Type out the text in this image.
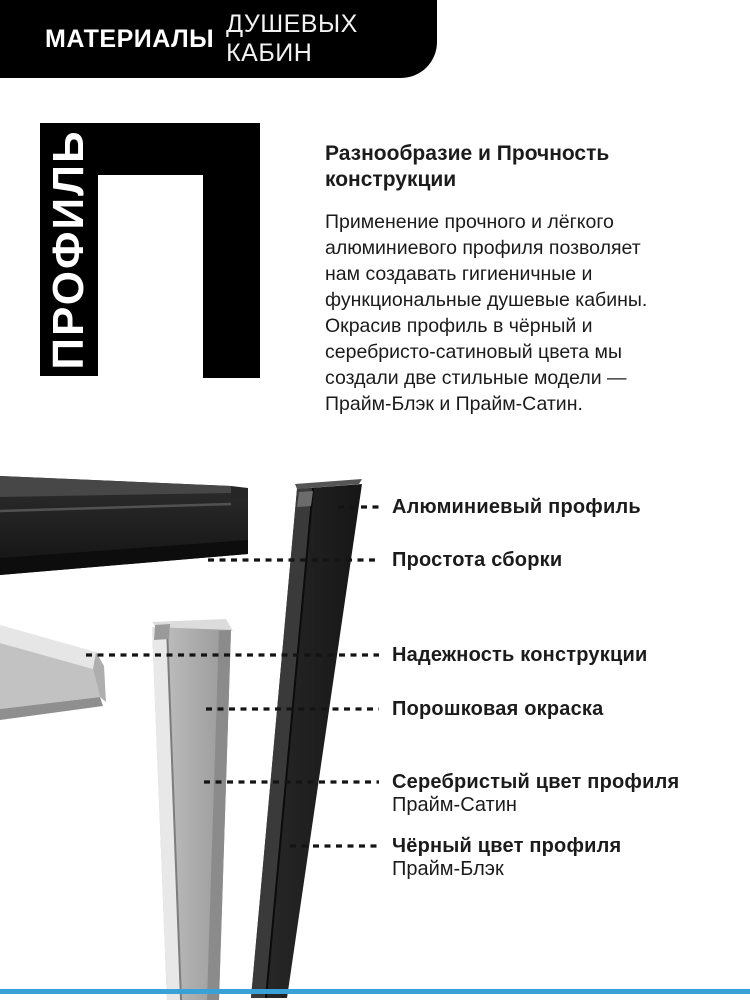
МАТЕРИАЛЫ
ДУШЕВЫХ КАБИН
ПРОФИЛЬ	Разнообразие и Прочность
конструкции
Применение прочного и лёгкого
алюминиевого профиля позволяет
нам создавать гигиеничные и
функциональные душевые кабины.
Окрасив профиль в чёрный и
серебристо-сатиновый цвета мы
создали две стильные модели —
Прайм-Блэк и Прайм-Сатин.
Алюминиевый профиль
Простота сборки
Надежность конструкции
Порошковая окраска
Серебристый цвет профиля
Прайм-Сатин
Чёрный цвет профиля
Прайм-Блэк
